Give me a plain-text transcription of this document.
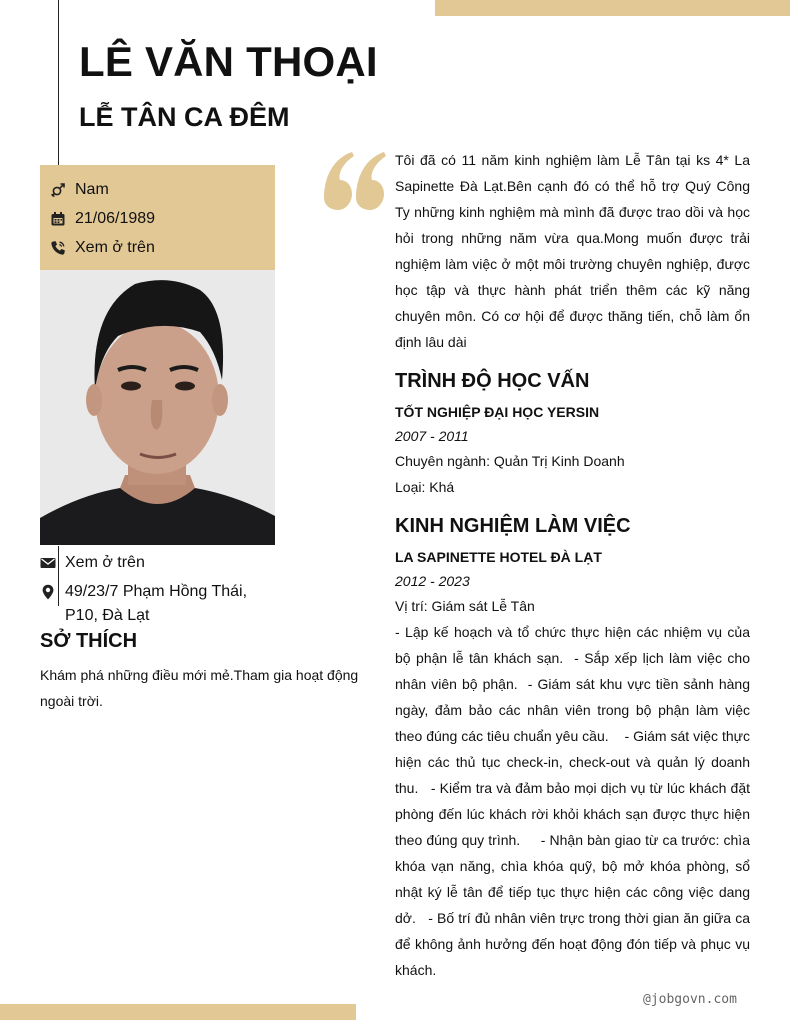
LÊ VĂN THOẠI
LỄ TÂN CA ĐÊM
Nam
21/06/1989
Xem ở trên
Xem ở trên
49/23/7 Phạm Hồng Thái,
P10, Đà Lạt
SỞ THÍCH

Khám phá những điều mới mẻ.Tham gia hoạt động ngoài trời.

Tôi đã có 11 năm kinh nghiệm làm Lễ Tân tại ks 4* La Sapinette Đà Lạt.Bên cạnh đó có thể hỗ trợ Quý Công Ty những kinh nghiệm mà mình đã được trao dồi và học hỏi trong những năm vừa qua.Mong muốn được trải nghiệm làm việc ở một môi trường chuyên nghiệp, được học tập và thực hành phát triển thêm các kỹ năng chuyên môn. Có cơ hội để được thăng tiến, chỗ làm ổn định lâu dài

TRÌNH ĐỘ HỌC VẤN

TỐT NGHIỆP ĐẠI HỌC YERSIN

2007 - 2011

Chuyên ngành: Quản Trị Kinh Doanh

Loại: Khá

KINH NGHIỆM LÀM VIỆC

LA SAPINETTE HOTEL ĐÀ LẠT

2012 - 2023

Vị trí: Giám sát Lễ Tân

- Lập kế hoạch và tổ chức thực hiện các nhiệm vụ của  bộ phận lễ tân khách sạn.  - Sắp xếp lịch làm việc cho nhân viên bộ phận.  - Giám sát khu vực tiền sảnh hàng ngày, đảm bảo các nhân viên trong bộ phận làm việc theo đúng các tiêu chuẩn yêu cầu.    - Giám sát việc thực hiện các thủ tục check-in, check-out và quản lý doanh thu.   - Kiểm tra và đảm bảo mọi dịch vụ từ lúc khách đặt phòng đến lúc khách rời khỏi khách sạn được thực hiện theo đúng quy trình.     - Nhận bàn giao từ ca trước: chìa khóa vạn năng, chìa khóa quỹ, bộ mở khóa phòng, sổ nhật ký lễ tân để tiếp tục thực hiện các công việc dang dở.   - Bố trí đủ nhân viên trực trong thời gian ăn giữa ca để không ảnh hưởng đến hoạt động đón tiếp và phục vụ khách.

@jobgovn.com
